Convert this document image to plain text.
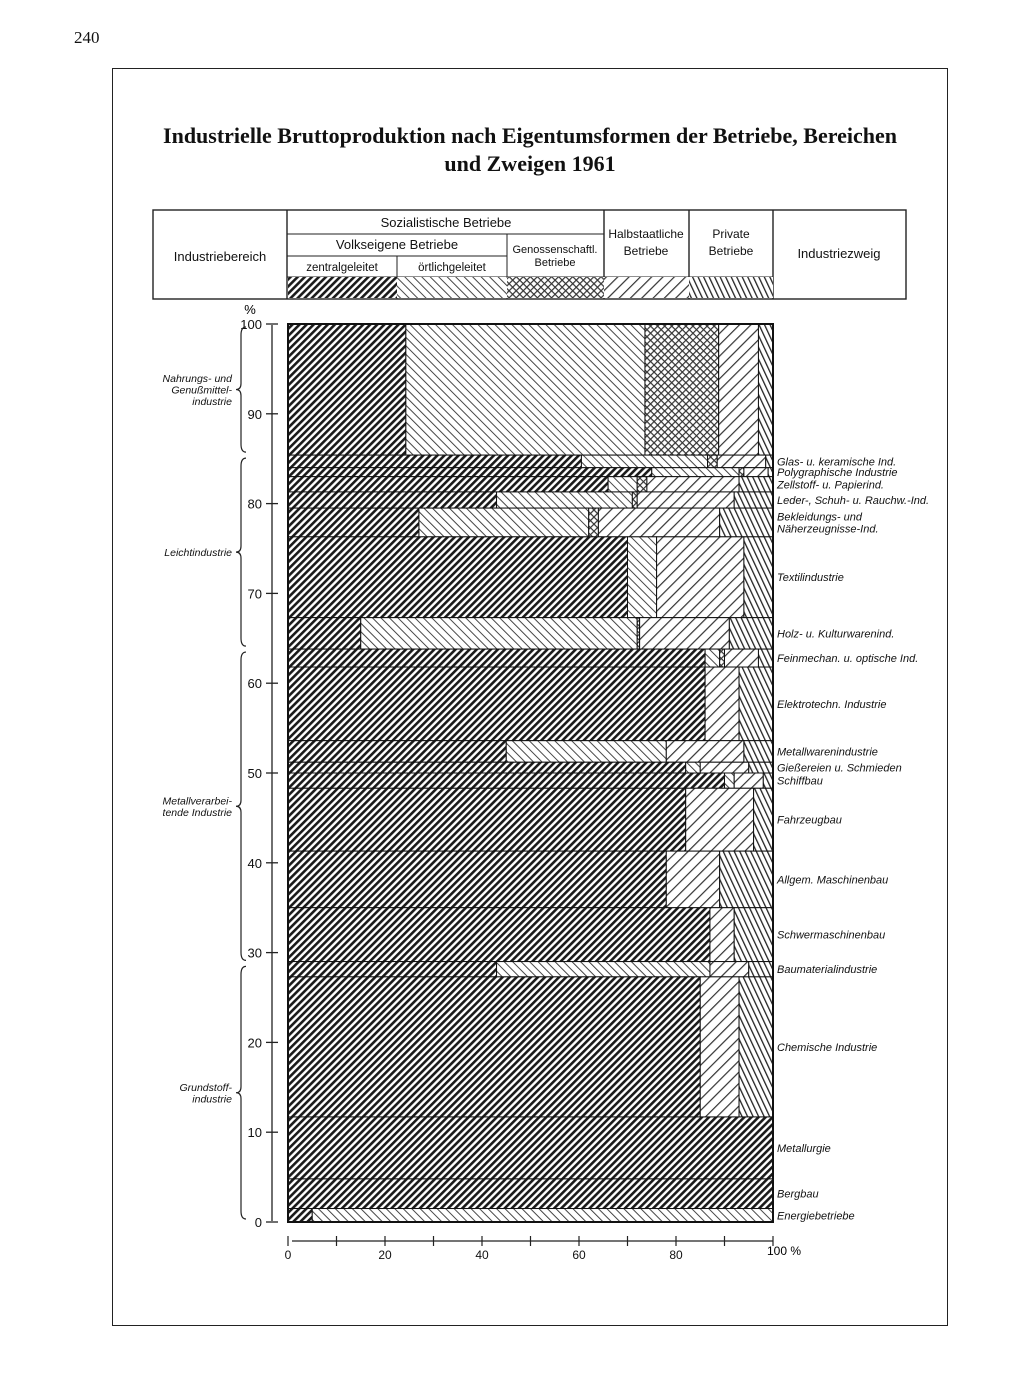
240
Industrielle Bruttoproduktion nach Eigentumsformen der Betriebe, Bereichen
und Zweigen 1961
Industriebereich
Sozialistische Betriebe
Volkseigene Betriebe
zentralgeleitet	örtlichgeleitet
Genossenschaftl.
Betriebe
Halbstaatliche
Betriebe
Private
Betriebe	Industriezweig
%
0
10
20
30
40
50
60
70
80
90
100
100 %
0	20	40	60	80
Glas- u. keramische Ind.
Polygraphische Industrie
Zellstoff- u. Papierind.
Leder-, Schuh- u. Rauchw.-Ind.
Bekleidungs- und
Näherzeugnisse-Ind.
Textilindustrie
Holz- u. Kulturwarenind.
Feinmechan. u. optische Ind.
Elektrotechn. Industrie
Metallwarenindustrie
Gießereien u. Schmieden
Schiffbau
Fahrzeugbau
Allgem. Maschinenbau
Schwermaschinenbau
Baumaterialindustrie
Chemische Industrie
Metallurgie
Bergbau
Energiebetriebe
Nahrungs- und
Genußmittel-
industrie
Leichtindustrie
Metallverarbei-
tende Industrie
Grundstoff-
industrie
